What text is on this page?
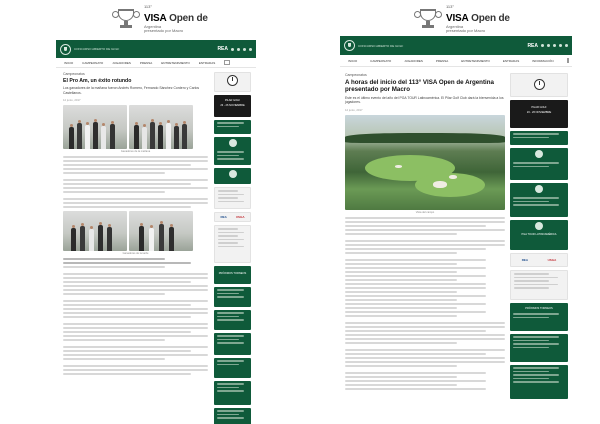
113°
VISA Open de
Argentina
presentado por Macro
CONCURSO ABIERTO DE GOLF	REA
INICIO	CAMPEONATO	JUGADORES	PRENSA	ENTRETENIMIENTO	ENTRADAS
Campeonatos
El Pro Am, un éxito rotundo
Los ganadores de la mañana fueron Andrés Romero, Fernando Sánchez Cordero y Carlos Castellanos.
12 junio, 2017
Ganadores de la mañana
Ganadores de la tarde
PILAR GOLF
23 - 26 NOVIEMBRE
REA	USGA
PRÓXIMOS TORNEOS
113°
VISA Open de
Argentina
presentado por Macro
CONCURSO ABIERTO DE GOLF	REA
INICIO	CAMPEONATO	JUGADORES	PRENSA	ENTRETENIMIENTO	ENTRADAS	INFORMACIÓN
Campeonatos
A horas del inicio del 113° VISA Open de Argentina presentado por Macro
Este es el último evento del año del PGA TOUR Latinoamérica. El Pilar Golf Club dará la bienvenida a los jugadores.
12 junio, 2017
Vista del campo
PILAR GOLF
23 - 26 NOVIEMBRE
PGA TOUR LATINOAMÉRICA
REA	USGA
PRÓXIMOS TORNEOS
